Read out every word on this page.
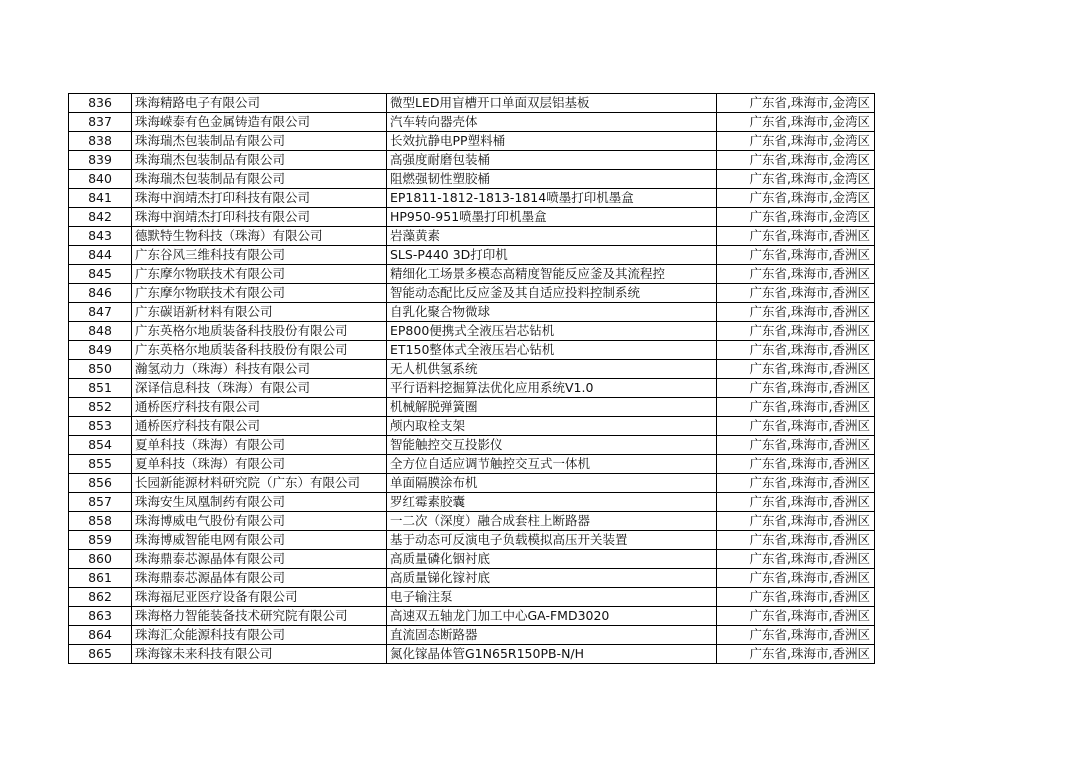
836	珠海精路电子有限公司	微型LED用盲槽开口单面双层铝基板	广东省,珠海市,金湾区
837	珠海嵘泰有色金属铸造有限公司	汽车转向器壳体	广东省,珠海市,金湾区
838	珠海瑞杰包装制品有限公司	长效抗静电PP塑料桶	广东省,珠海市,金湾区
839	珠海瑞杰包装制品有限公司	高强度耐磨包装桶	广东省,珠海市,金湾区
840	珠海瑞杰包装制品有限公司	阻燃强韧性塑胶桶	广东省,珠海市,金湾区
841	珠海中润靖杰打印科技有限公司	EP1811-1812-1813-1814喷墨打印机墨盒	广东省,珠海市,金湾区
842	珠海中润靖杰打印科技有限公司	HP950-951喷墨打印机墨盒	广东省,珠海市,金湾区
843	德默特生物科技（珠海）有限公司	岩藻黄素	广东省,珠海市,香洲区
844	广东谷风三维科技有限公司	SLS-P440 3D打印机	广东省,珠海市,香洲区
845	广东摩尔物联技术有限公司	精细化工场景多模态高精度智能反应釜及其流程控	广东省,珠海市,香洲区
846	广东摩尔物联技术有限公司	智能动态配比反应釜及其自适应投料控制系统	广东省,珠海市,香洲区
847	广东碳语新材料有限公司	自乳化聚合物微球	广东省,珠海市,香洲区
848	广东英格尔地质装备科技股份有限公司	EP800便携式全液压岩芯钻机	广东省,珠海市,香洲区
849	广东英格尔地质装备科技股份有限公司	ET150整体式全液压岩心钻机	广东省,珠海市,香洲区
850	瀚氢动力（珠海）科技有限公司	无人机供氢系统	广东省,珠海市,香洲区
851	深译信息科技（珠海）有限公司	平行语料挖掘算法优化应用系统V1.0	广东省,珠海市,香洲区
852	通桥医疗科技有限公司	机械解脱弹簧圈	广东省,珠海市,香洲区
853	通桥医疗科技有限公司	颅内取栓支架	广东省,珠海市,香洲区
854	夏单科技（珠海）有限公司	智能触控交互投影仪	广东省,珠海市,香洲区
855	夏单科技（珠海）有限公司	全方位自适应调节触控交互式一体机	广东省,珠海市,香洲区
856	长园新能源材料研究院（广东）有限公司	单面隔膜涂布机	广东省,珠海市,香洲区
857	珠海安生凤凰制药有限公司	罗红霉素胶囊	广东省,珠海市,香洲区
858	珠海博威电气股份有限公司	一二次（深度）融合成套柱上断路器	广东省,珠海市,香洲区
859	珠海博威智能电网有限公司	基于动态可反演电子负载模拟高压开关装置	广东省,珠海市,香洲区
860	珠海鼎泰芯源晶体有限公司	高质量磷化铟衬底	广东省,珠海市,香洲区
861	珠海鼎泰芯源晶体有限公司	高质量锑化镓衬底	广东省,珠海市,香洲区
862	珠海福尼亚医疗设备有限公司	电子输注泵	广东省,珠海市,香洲区
863	珠海格力智能装备技术研究院有限公司	高速双五轴龙门加工中心GA-FMD3020	广东省,珠海市,香洲区
864	珠海汇众能源科技有限公司	直流固态断路器	广东省,珠海市,香洲区
865	珠海镓未来科技有限公司	氮化镓晶体管G1N65R150PB-N/H	广东省,珠海市,香洲区
